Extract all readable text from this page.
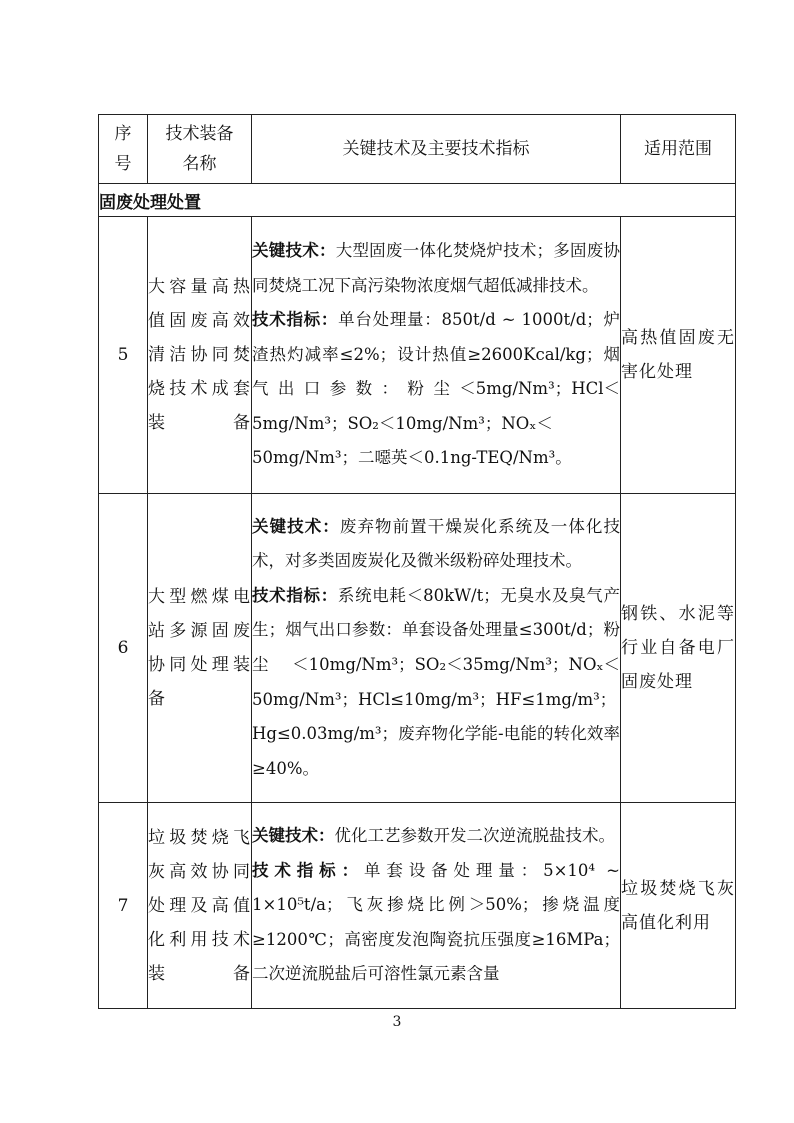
序号	技术装备名称	关键技术及主要技术指标	适用范围
固废处理处置			
5	大容量高热值固废高效清洁协同焚烧技术成套装备	关键技术：大型固废一体化焚烧炉技术；多固废协同焚烧工况下高污染物浓度烟气超低减排技术。

技术指标：单台处理量：850t/d ~ 1000t/d；炉渣热灼减率≤2%；设计热值≥2600Kcal/kg；烟气出口参数：粉尘＜5mg/Nm³；HCl＜5mg/Nm³；SO₂＜10mg/Nm³；NOₓ＜50mg/Nm³；二噁英＜0.1ng-TEQ/Nm³。	高热值固废无害化处理
6	大型燃煤电站多源固废协同处理装备	关键技术：废弃物前置干燥炭化系统及一体化技术，对多类固废炭化及微米级粉碎处理技术。

技术指标：系统电耗＜80kW/t；无臭水及臭气产生；烟气出口参数：单套设备处理量≤300t/d；粉尘＜10mg/Nm³；SO₂＜35mg/Nm³；NOₓ＜50mg/Nm³；HCl≤10mg/m³；HF≤1mg/m³；Hg≤0.03mg/m³；废弃物化学能-电能的转化效率≥40%。	钢铁、水泥等行业自备电厂固废处理
7	垃圾焚烧飞灰高效协同处理及高值化利用技术装备	关键技术：优化工艺参数开发二次逆流脱盐技术。

技术指标：单套设备处理量：5×10⁴ ~ 1×10⁵t/a；飞灰掺烧比例＞50%；掺烧温度≥1200℃；高密度发泡陶瓷抗压强度≥16MPa；二次逆流脱盐后可溶性氯元素含量	垃圾焚烧飞灰高值化利用
3
